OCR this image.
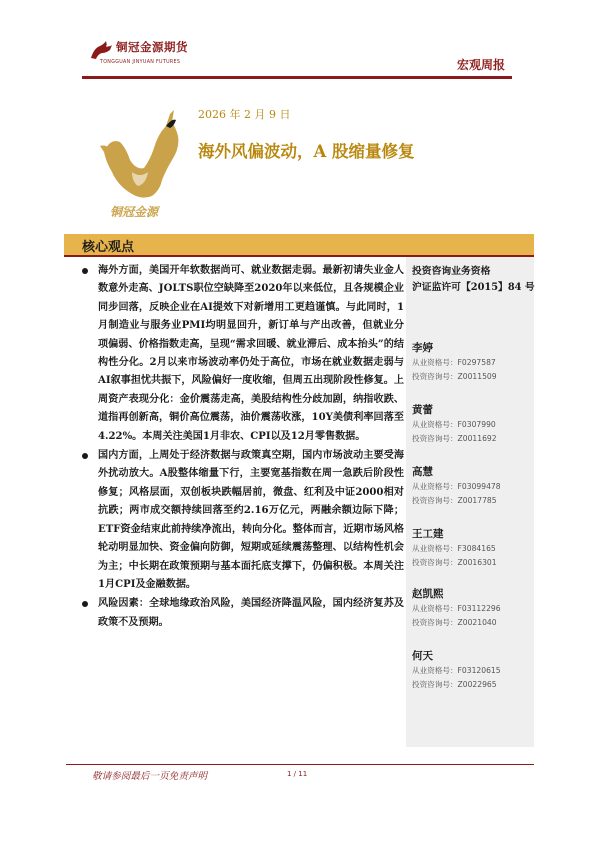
铜冠金源期货
TONGGUAN JINYUAN FUTURES	宏观周报
铜冠金源
2026 年 2 月 9 日
海外风偏波动，A 股缩量修复
核心观点

海外方面，美国开年软数据尚可、就业数据走弱。最新初请失业金人数意外走高、JOLTS职位空缺降至2020年以来低位，且各规模企业同步回落，反映企业在AI提效下对新增用工更趋谨慎。与此同时，1月制造业与服务业PMI均明显回升，新订单与产出改善，但就业分项偏弱、价格指数走高，呈现“需求回暖、就业滞后、成本抬头”的结构性分化。2月以来市场波动率仍处于高位，市场在就业数据走弱与AI叙事担忧共振下，风险偏好一度收缩，但周五出现阶段性修复。上周资产表现分化：金价震荡走高，美股结构性分歧加剧，纳指收跌、道指再创新高，铜价高位震荡，油价震荡收涨，10Y美债利率回落至4.22%。本周关注美国1月非农、CPI以及12月零售数据。

国内方面，上周处于经济数据与政策真空期，国内市场波动主要受海外扰动放大。A股整体缩量下行，主要宽基指数在周一急跌后阶段性修复；风格层面，双创板块跌幅居前，微盘、红利及中证2000相对抗跌；两市成交额持续回落至约2.16万亿元，两融余额边际下降；ETF资金结束此前持续净流出，转向分化。整体而言，近期市场风格轮动明显加快、资金偏向防御，短期或延续震荡整理、以结构性机会为主；中长期在政策预期与基本面托底支撑下，仍偏积极。本周关注1月CPI及金融数据。

风险因素：全球地缘政治风险，美国经济降温风险，国内经济复苏及政策不及预期。

投资咨询业务资格
沪证监许可【2015】84 号
李婷
从业资格号：F0297587
投资咨询号：Z0011509
黄蕾
从业资格号：F0307990
投资咨询号：Z0011692
高慧
从业资格号：F03099478
投资咨询号：Z0017785
王工建
从业资格号：F3084165
投资咨询号：Z0016301
赵凯熙
从业资格号：F03112296
投资咨询号：Z0021040
何天
从业资格号：F03120615
投资咨询号：Z0022965
敬请参阅最后一页免责声明	1 / 11
